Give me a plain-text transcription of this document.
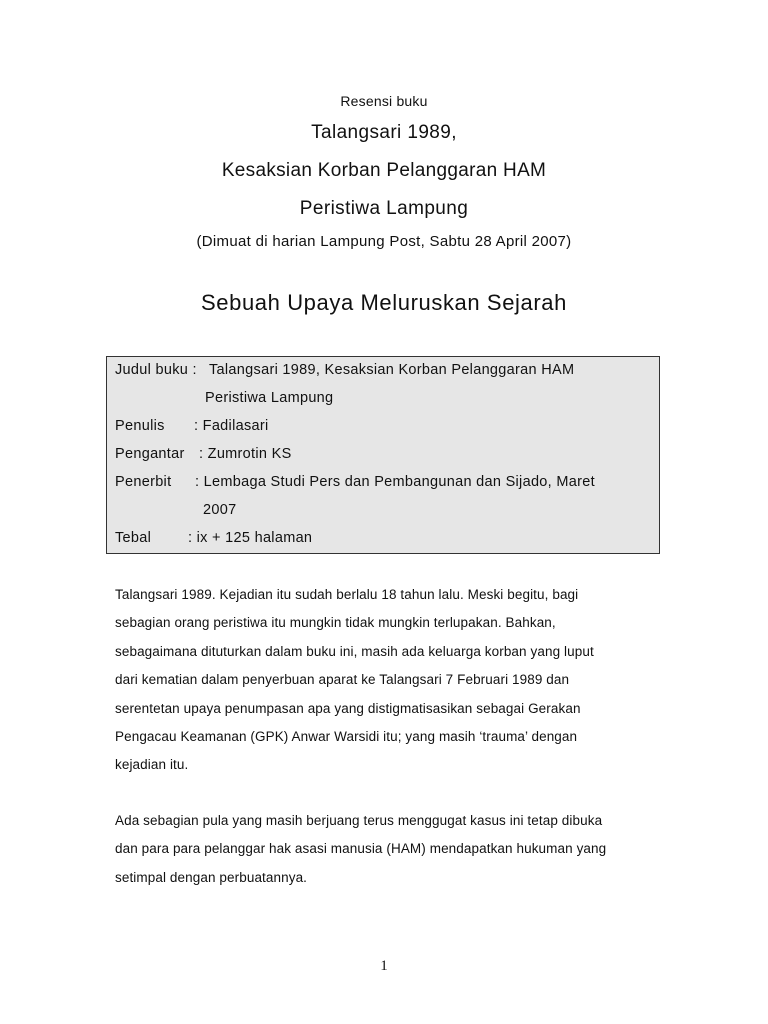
Resensi buku
Talangsari 1989,
Kesaksian Korban Pelanggaran HAM
Peristiwa Lampung
(Dimuat di harian Lampung Post, Sabtu 28 April 2007)
Sebuah Upaya Meluruskan Sejarah
Judul buku : Talangsari 1989, Kesaksian Korban Pelanggaran HAM
Peristiwa Lampung
Penulis : Fadilasari
Pengantar : Zumrotin KS
Penerbit : Lembaga Studi Pers dan Pembangunan dan Sijado, Maret
2007
Tebal	: ix + 125 halaman
Talangsari 1989. Kejadian itu sudah berlalu 18 tahun lalu. Meski begitu, bagi
sebagian orang peristiwa itu mungkin tidak mungkin terlupakan. Bahkan,
sebagaimana dituturkan dalam buku ini, masih ada keluarga korban yang luput
dari kematian dalam penyerbuan aparat ke Talangsari 7 Februari 1989 dan
serentetan upaya penumpasan apa yang distigmatisasikan sebagai Gerakan
Pengacau Keamanan (GPK) Anwar Warsidi itu; yang masih ‘trauma’ dengan
kejadian itu.
Ada sebagian pula yang masih berjuang terus menggugat kasus ini tetap dibuka
dan para para pelanggar hak asasi manusia (HAM) mendapatkan hukuman yang
setimpal dengan perbuatannya.
1
